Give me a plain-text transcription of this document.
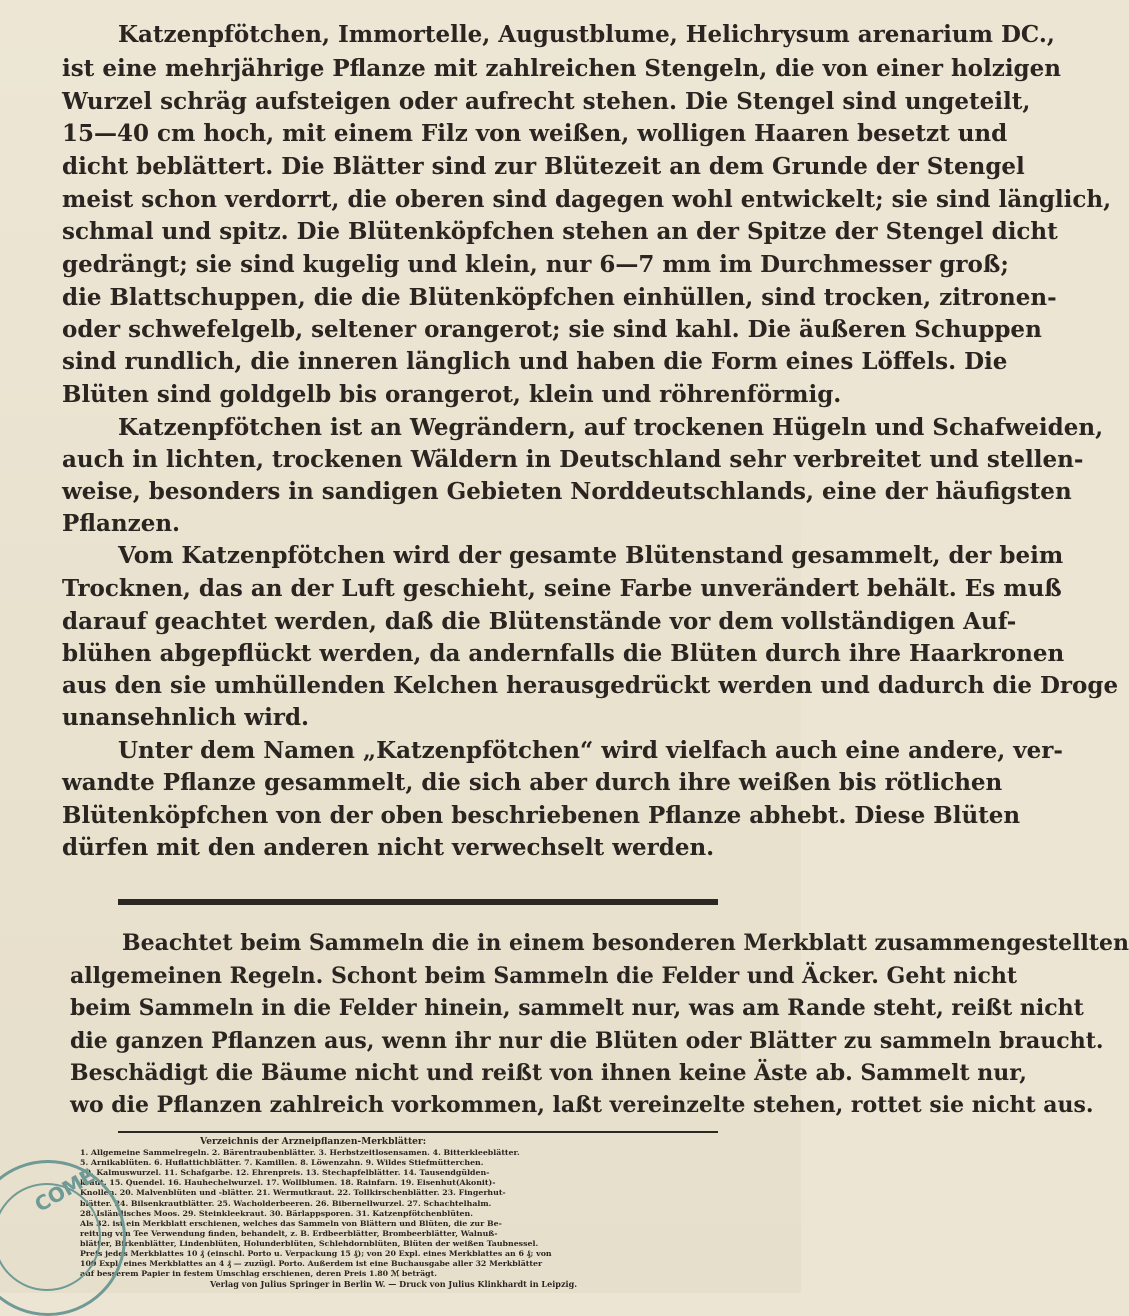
Katzenpfötchen, Immortelle, Augustblume, Helichrysum arenarium DC.,
ist eine mehrjährige Pflanze mit zahlreichen Stengeln, die von einer holzigen
Wurzel schräg aufsteigen oder aufrecht stehen. Die Stengel sind ungeteilt,
15—40 cm hoch, mit einem Filz von weißen, wolligen Haaren besetzt und
dicht beblättert. Die Blätter sind zur Blütezeit an dem Grunde der Stengel
meist schon verdorrt, die oberen sind dagegen wohl entwickelt; sie sind länglich,
schmal und spitz. Die Blütenköpfchen stehen an der Spitze der Stengel dicht
gedrängt; sie sind kugelig und klein, nur 6—7 mm im Durchmesser groß;
die Blattschuppen, die die Blütenköpfchen einhüllen, sind trocken, zitronen-
oder schwefelgelb, seltener orangerot; sie sind kahl. Die äußeren Schuppen
sind rundlich, die inneren länglich und haben die Form eines Löffels. Die
Blüten sind goldgelb bis orangerot, klein und röhrenförmig.
Katzenpfötchen ist an Wegrändern, auf trockenen Hügeln und Schafweiden,
auch in lichten, trockenen Wäldern in Deutschland sehr verbreitet und stellen-
weise, besonders in sandigen Gebieten Norddeutschlands, eine der häufigsten
Pflanzen.
Vom Katzenpfötchen wird der gesamte Blütenstand gesammelt, der beim
Trocknen, das an der Luft geschieht, seine Farbe unverändert behält. Es muß
darauf geachtet werden, daß die Blütenstände vor dem vollständigen Auf-
blühen abgepflückt werden, da andernfalls die Blüten durch ihre Haarkronen
aus den sie umhüllenden Kelchen herausgedrückt werden und dadurch die Droge
unansehnlich wird.
Unter dem Namen „Katzenpfötchen“ wird vielfach auch eine andere, ver-
wandte Pflanze gesammelt, die sich aber durch ihre weißen bis rötlichen
Blütenköpfchen von der oben beschriebenen Pflanze abhebt. Diese Blüten
dürfen mit den anderen nicht verwechselt werden.
Beachtet beim Sammeln die in einem besonderen Merkblatt zusammengestellten
allgemeinen Regeln. Schont beim Sammeln die Felder und Äcker. Geht nicht
beim Sammeln in die Felder hinein, sammelt nur, was am Rande steht, reißt nicht
die ganzen Pflanzen aus, wenn ihr nur die Blüten oder Blätter zu sammeln braucht.
Beschädigt die Bäume nicht und reißt von ihnen keine Äste ab. Sammelt nur,
wo die Pflanzen zahlreich vorkommen, laßt vereinzelte stehen, rottet sie nicht aus.
Verzeichnis der Arzneipflanzen-Merkblätter:
1. Allgemeine Sammelregeln. 2. Bärentraubenblätter. 3. Herbstzeitlosensamen. 4. Bitterkleeblätter.
5. Arnikablüten. 6. Huflattichblätter. 7. Kamillen. 8. Löwenzahn. 9. Wildes Stiefmütterchen.
10. Kalmuswurzel. 11. Schafgarbe. 12. Ehrenpreis. 13. Stechapfelblätter. 14. Tausendgülden-
kraut. 15. Quendel. 16. Hauhechelwurzel. 17. Wollblumen. 18. Rainfarn. 19. Eisenhut(Akonit)-
Knollen. 20. Malvenblüten und -blätter. 21. Wermutkraut. 22. Tollkirschenblätter. 23. Fingerhut-
blätter. 24. Bilsenkrautblätter. 25. Wacholderbeeren. 26. Bibernellwurzel. 27. Schachtelhalm.
28. Isländisches Moos. 29. Steinkleekraut. 30. Bärlappsporen. 31. Katzenpfötchenblüten.
Als 32. ist ein Merkblatt erschienen, welches das Sammeln von Blättern und Blüten, die zur Be-
reitung von Tee Verwendung finden, behandelt, z. B. Erdbeerblätter, Brombeerblätter, Walnuß-
blätter, Birkenblätter, Lindenblüten, Holunderblüten, Schlehdornblüten, Blüten der weißen Taubnessel.
Preis jedes Merkblattes 10 ₰ (einschl. Porto u. Verpackung 15 ₰); von 20 Expl. eines Merkblattes an 6 ₰; von
100 Expl. eines Merkblattes an 4 ₰ — zuzügl. Porto. Außerdem ist eine Buchausgabe aller 32 Merkblätter
auf besserem Papier in festem Umschlag erschienen, deren Preis 1.80 ℳ beträgt.
Verlag von Julius Springer in Berlin W. — Druck von Julius Klinkhardt in Leipzig.
COME
